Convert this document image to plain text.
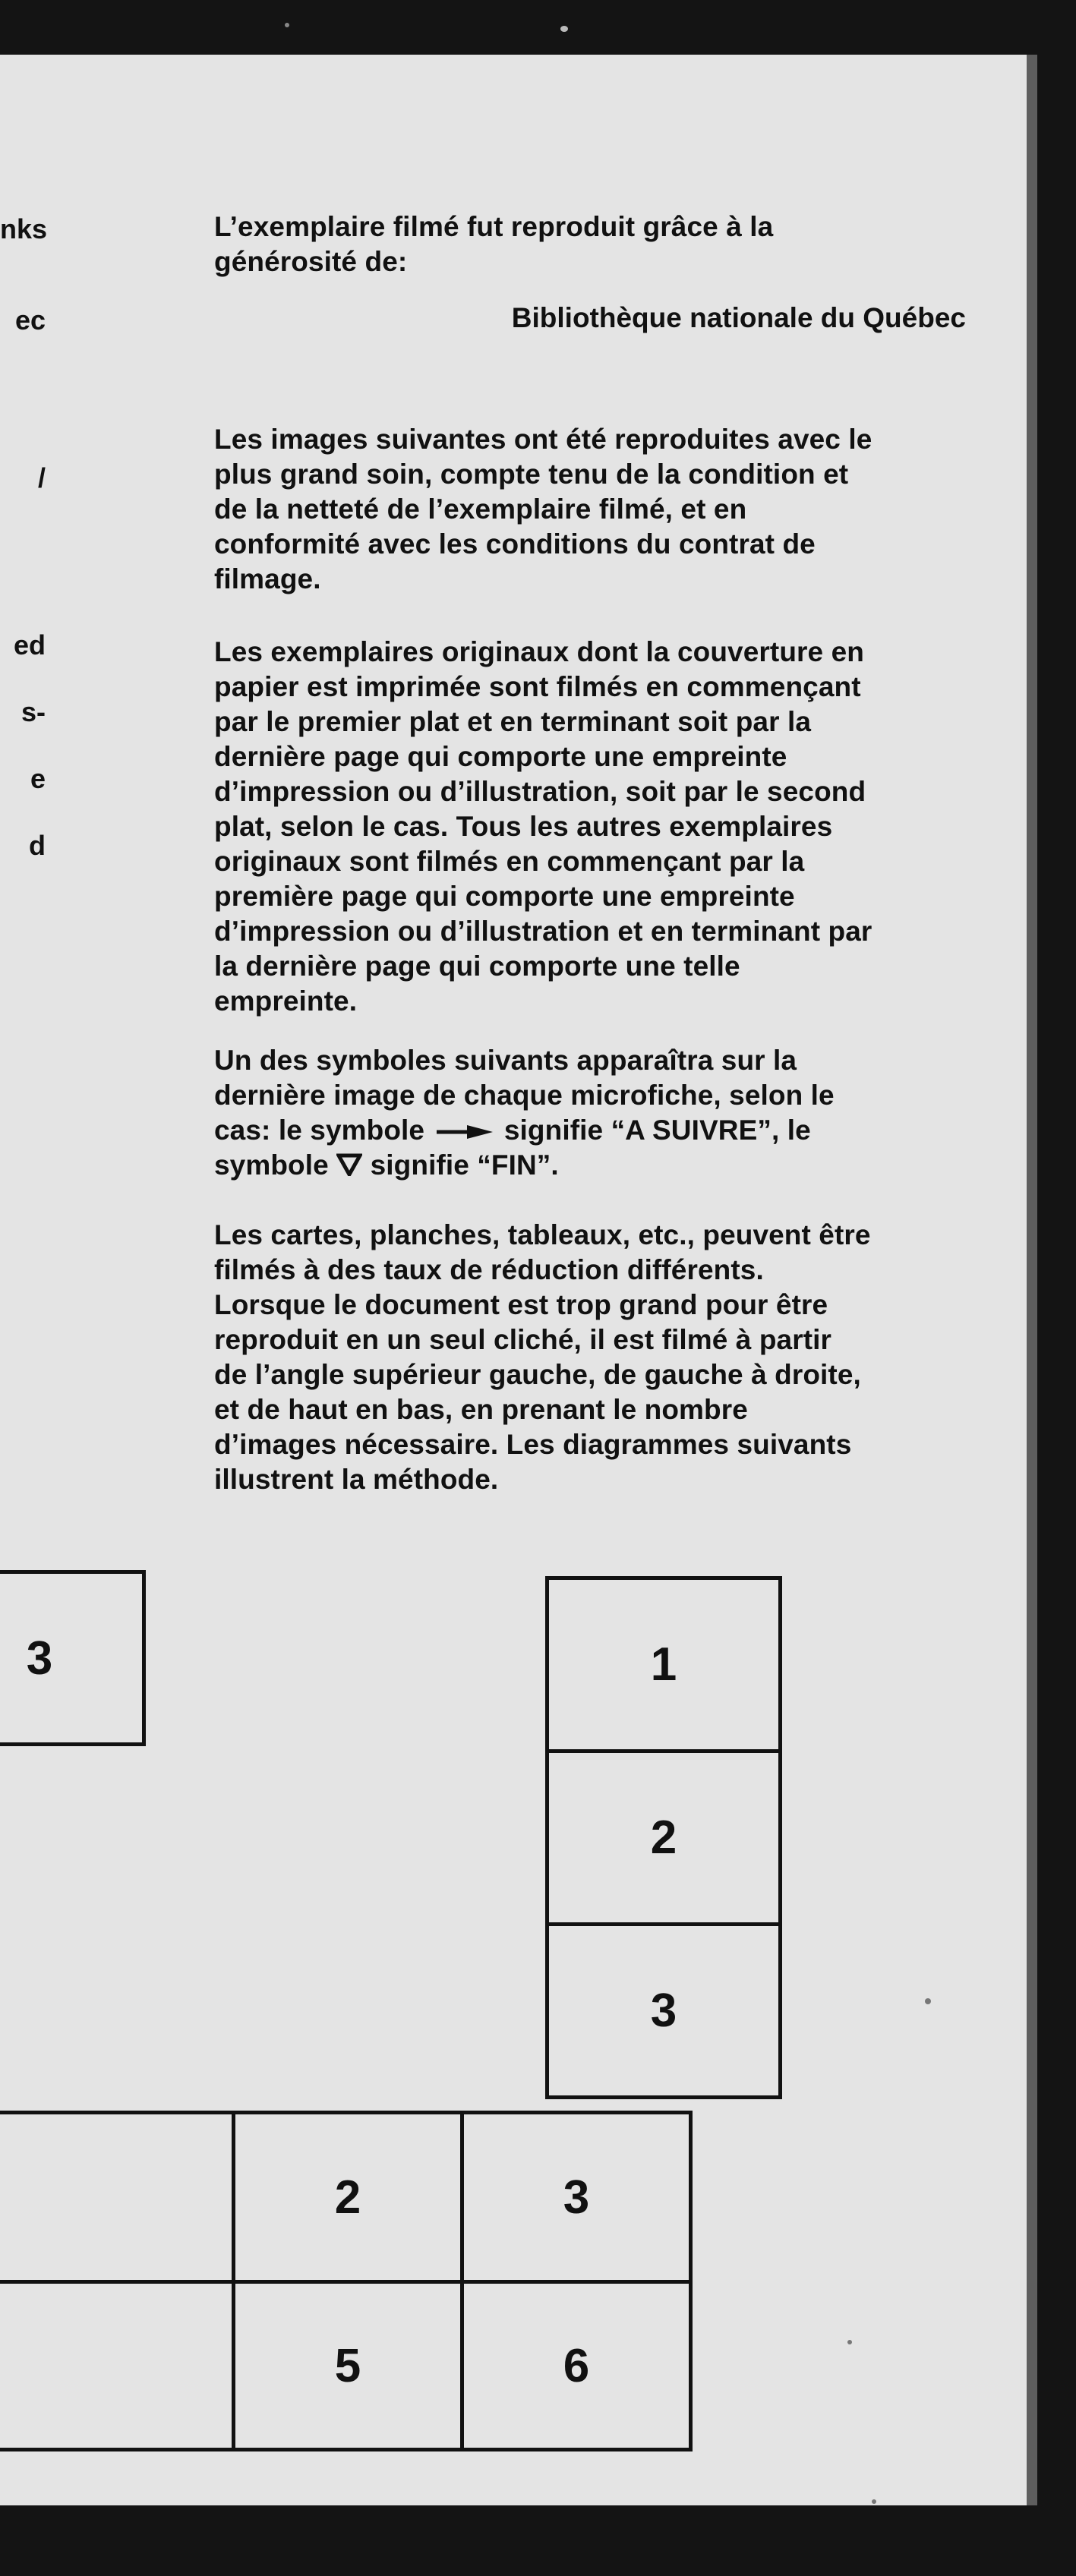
nks
ec
/
ed
s-
e
d
L’exemplaire filmé fut reproduit grâce à la
générosité de:
Bibliothèque nationale du Québec
Les images suivantes ont été reproduites avec le
plus grand soin, compte tenu de la condition et
de la netteté de l’exemplaire filmé, et en
conformité avec les conditions du contrat de
filmage.
Les exemplaires originaux dont la couverture en
papier est imprimée sont filmés en commençant
par le premier plat et en terminant soit par la
dernière page qui comporte une empreinte
d’impression ou d’illustration, soit par le second
plat, selon le cas. Tous les autres exemplaires
originaux sont filmés en commençant par la
première page qui comporte une empreinte
d’impression ou d’illustration et en terminant par
la dernière page qui comporte une telle
empreinte.
Un des symboles suivants apparaîtra sur la
dernière image de chaque microfiche, selon le
cas: le symbole	signifie “A SUIVRE”, le
symbole signifie “FIN”.
Les cartes, planches, tableaux, etc., peuvent être
filmés à des taux de réduction différents.
Lorsque le document est trop grand pour être
reproduit en un seul cliché, il est filmé à partir
de l’angle supérieur gauche, de gauche à droite,
et de haut en bas, en prenant le nombre
d’images nécessaire. Les diagrammes suivants
illustrent la méthode.
3	1
2
3
2	3
5	6
